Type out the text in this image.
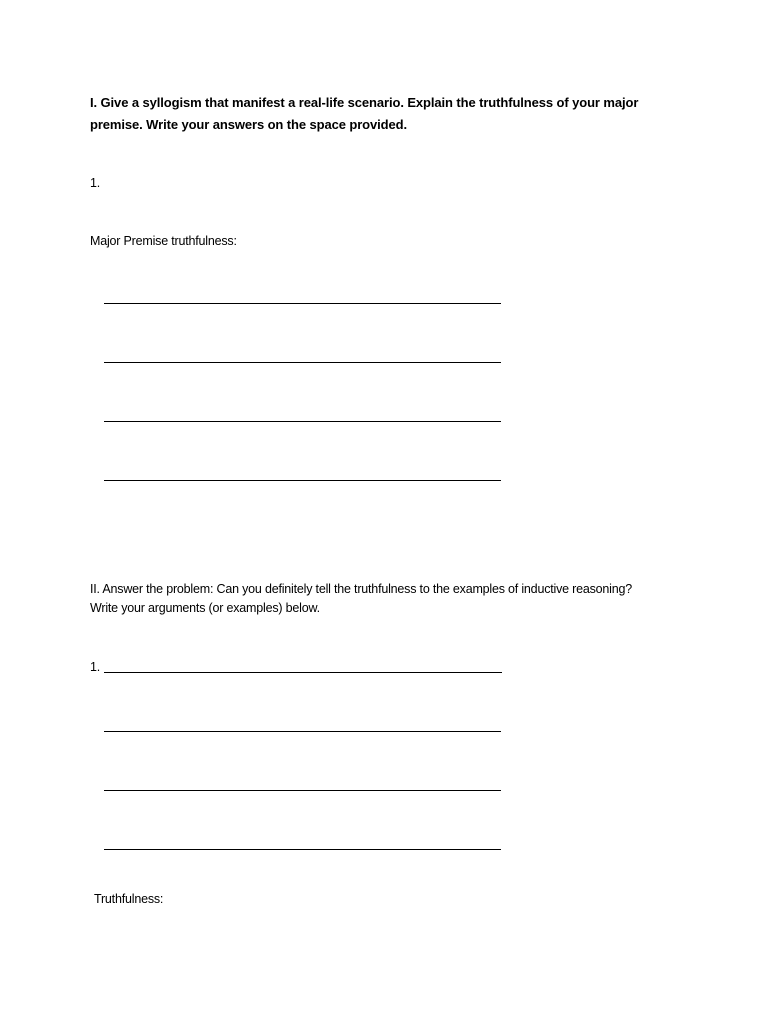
I. Give a syllogism that manifest a real-life scenario. Explain the truthfulness of your major
premise. Write your answers on the space provided.
1.
Major Premise truthfulness:
II. Answer the problem: Can you definitely tell the truthfulness to the examples of inductive reasoning?
Write your arguments (or examples) below.
1.
Truthfulness:
